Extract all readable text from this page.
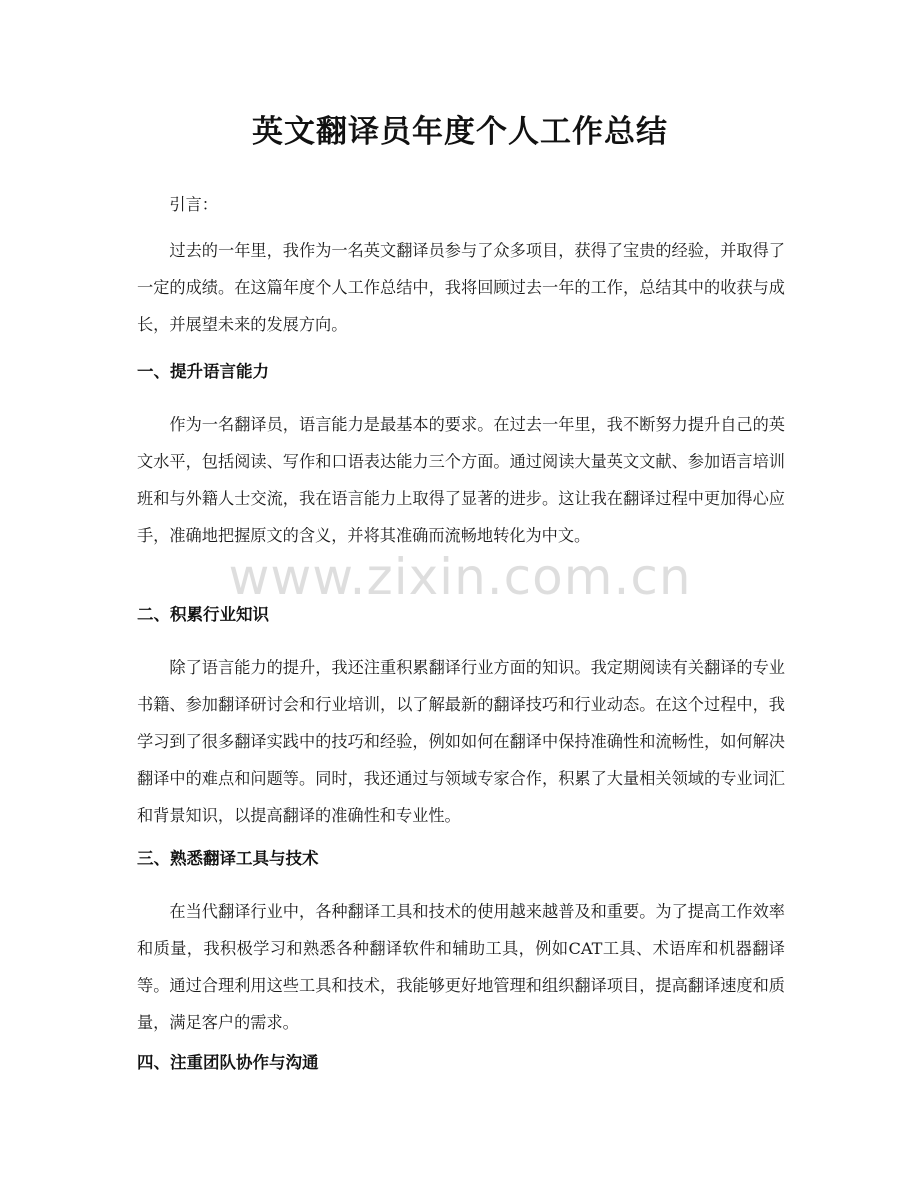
英文翻译员年度个人工作总结

引言：

过去的一年里，我作为一名英文翻译员参与了众多项目，获得了宝贵的经验，并取得了一定的成绩。在这篇年度个人工作总结中，我将回顾过去一年的工作，总结其中的收获与成长，并展望未来的发展方向。

一、提升语言能力

作为一名翻译员，语言能力是最基本的要求。在过去一年里，我不断努力提升自己的英文水平，包括阅读、写作和口语表达能力三个方面。通过阅读大量英文文献、参加语言培训班和与外籍人士交流，我在语言能力上取得了显著的进步。这让我在翻译过程中更加得心应手，准确地把握原文的含义，并将其准确而流畅地转化为中文。

二、积累行业知识

除了语言能力的提升，我还注重积累翻译行业方面的知识。我定期阅读有关翻译的专业书籍、参加翻译研讨会和行业培训，以了解最新的翻译技巧和行业动态。在这个过程中，我学习到了很多翻译实践中的技巧和经验，例如如何在翻译中保持准确性和流畅性，如何解决翻译中的难点和问题等。同时，我还通过与领域专家合作，积累了大量相关领域的专业词汇和背景知识，以提高翻译的准确性和专业性。

三、熟悉翻译工具与技术

在当代翻译行业中，各种翻译工具和技术的使用越来越普及和重要。为了提高工作效率和质量，我积极学习和熟悉各种翻译软件和辅助工具，例如CAT工具、术语库和机器翻译等。通过合理利用这些工具和技术，我能够更好地管理和组织翻译项目，提高翻译速度和质量，满足客户的需求。

四、注重团队协作与沟通
www.zixin.com.cn
